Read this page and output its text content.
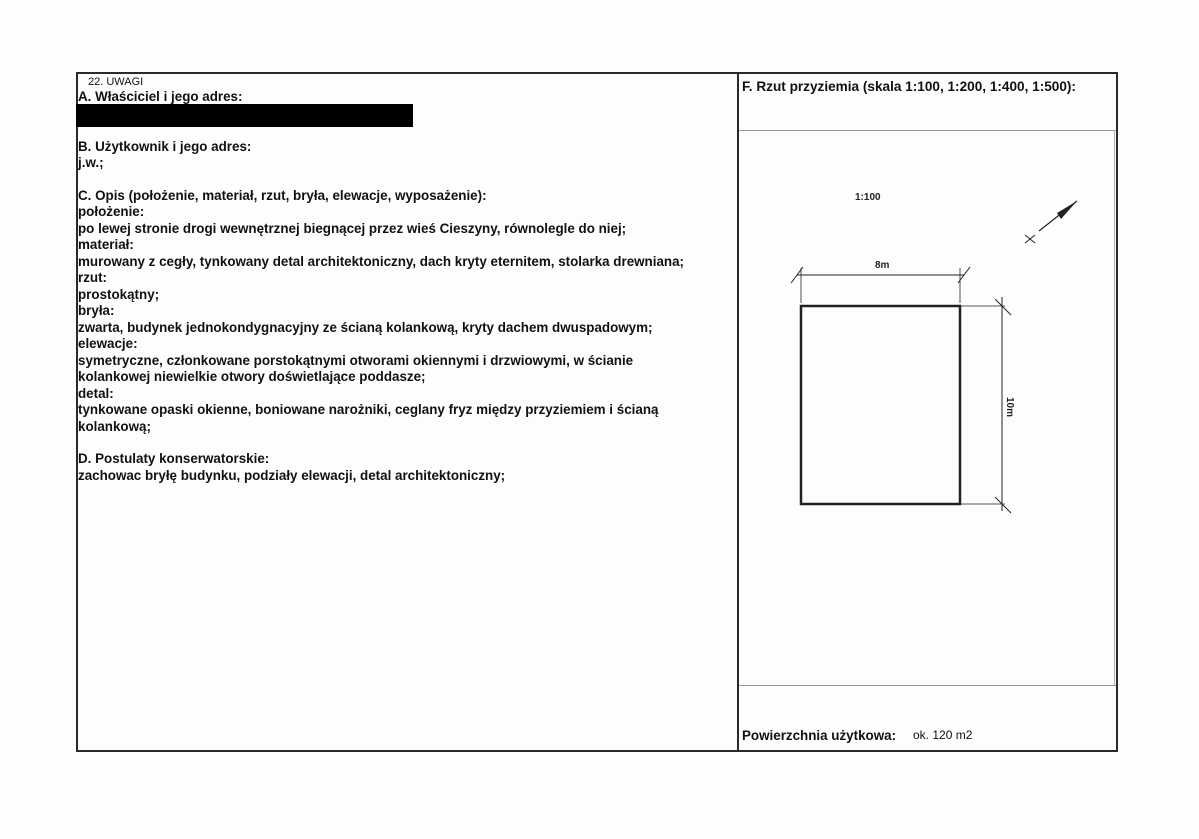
22. UWAGI

A. Właściciel i jego adres:

B. Użytkownik i jego adres:

j.w.;

C. Opis (położenie, materiał, rzut, bryła, elewacje, wyposażenie):

położenie:

po lewej stronie drogi wewnętrznej biegnącej przez wieś Cieszyny, równolegle do niej;

materiał:

murowany z cegły, tynkowany detal architektoniczny, dach kryty eternitem, stolarka drewniana;

rzut:

prostokątny;

bryła:

zwarta, budynek jednokondygnacyjny ze ścianą kolankową, kryty dachem dwuspadowym;

elewacje:

symetryczne, członkowane porstokątnymi otworami okiennymi i drzwiowymi, w ścianie

kolankowej niewielkie otwory doświetlające poddasze;

detal:

tynkowane opaski okienne, boniowane narożniki, ceglany fryz między przyziemiem i ścianą

kolankową;

D. Postulaty konserwatorskie:

zachowac bryłę budynku, podziały elewacji, detal architektoniczny;

F. Rzut przyziemia (skala 1:100, 1:200, 1:400, 1:500):
1:100
8m
10m
Powierzchnia użytkowa: ok. 120 m2
